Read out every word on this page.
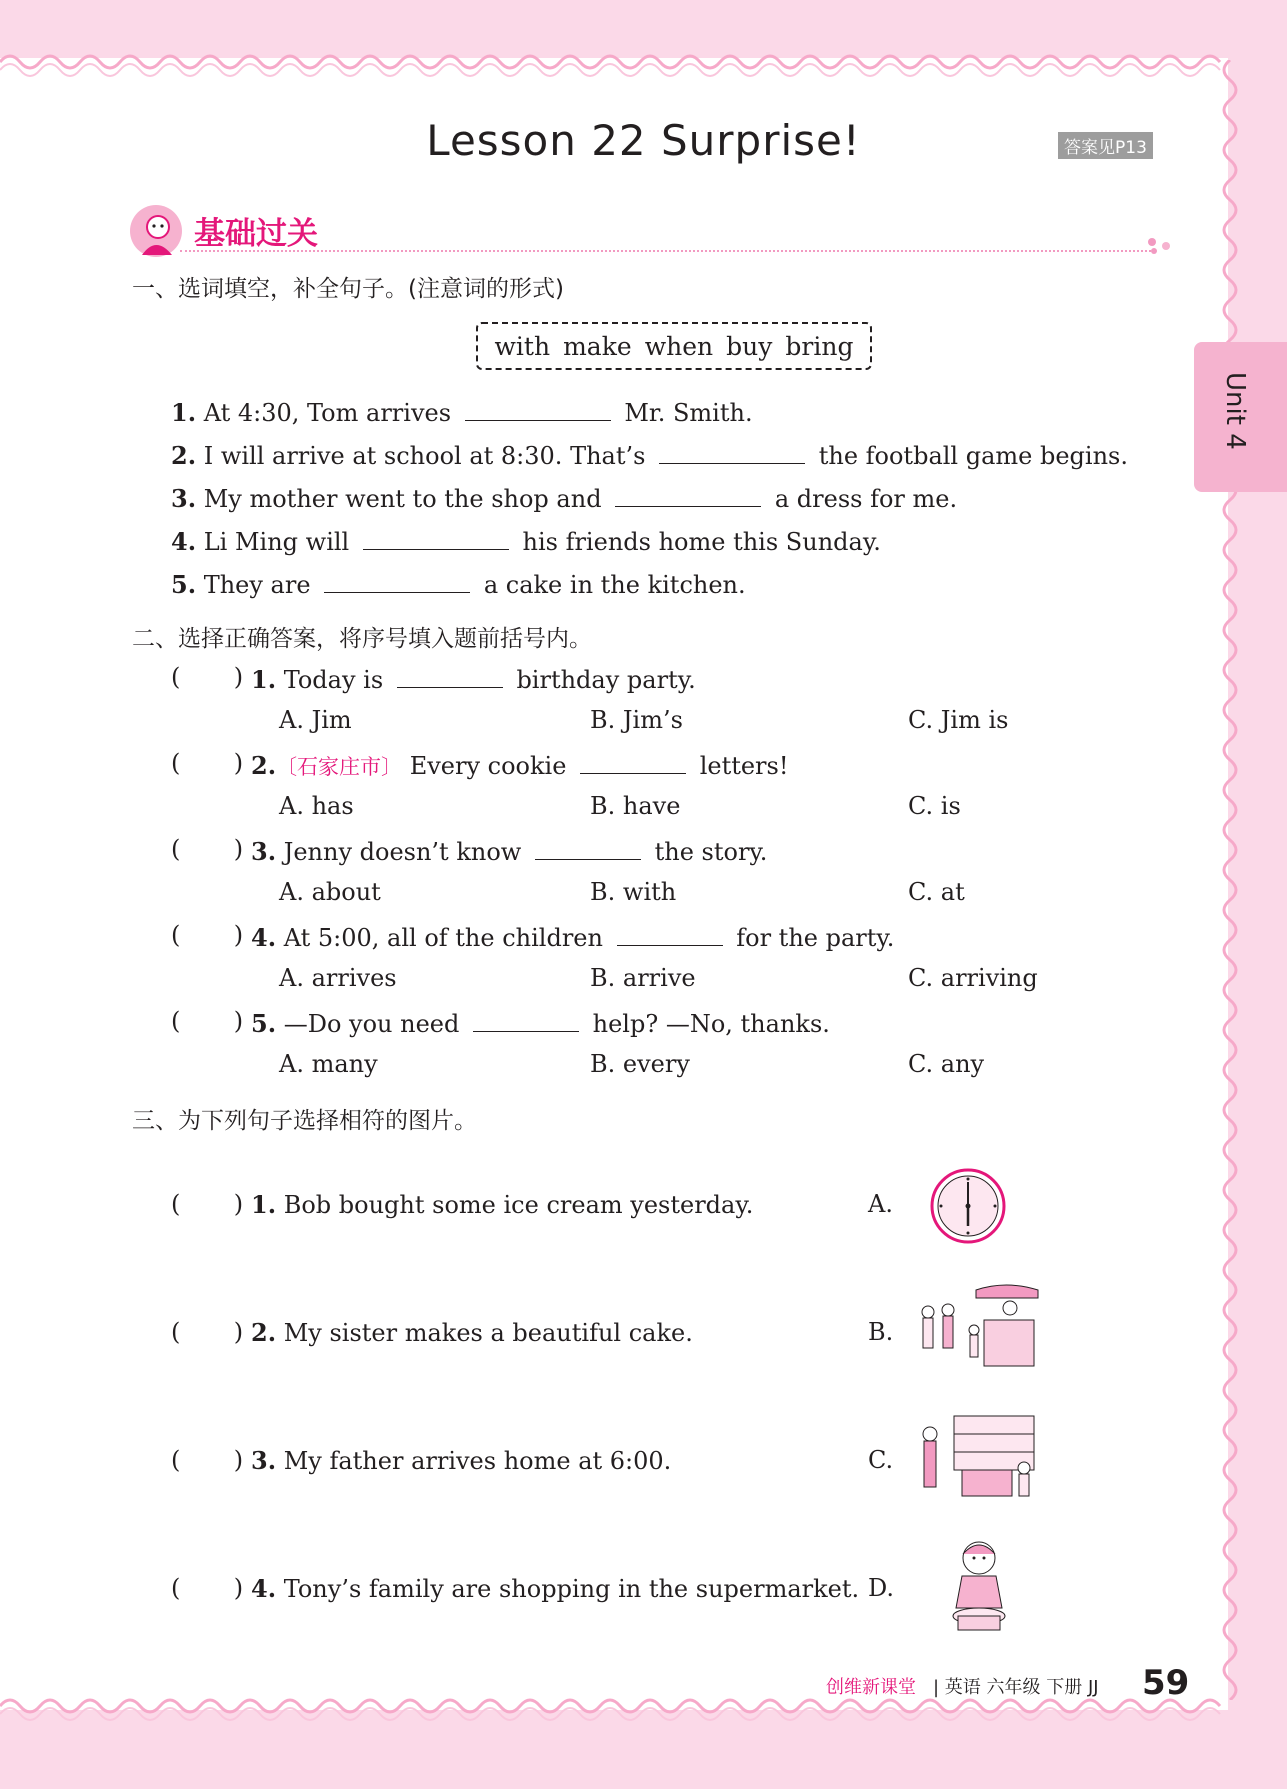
Lesson 22 Surprise!	答案见P13
Unit 4
基础过关
一、选词填空，补全句子。(注意词的形式)
with make when buy bring
1. At 4:30, Tom arrives	Mr. Smith.
2. I will arrive at school at 8:30. That’s	the football game begins.
3. My mother went to the shop and	a dress for me.
4. Li Ming will	his friends home this Sunday.
5. They are	a cake in the kitchen.
二、选择正确答案，将序号填入题前括号内。
(       ) 1. Today is	birthday party.
A. Jim	B. Jim’s	C. Jim is
(       ) 2.〔石家庄市〕 Every cookie	letters!
A. has	B. have	C. is
(       ) 3. Jenny doesn’t know	the story.
A. about	B. with	C. at
(       ) 4. At 5:00, all of the children	for the party.
A. arrives	B. arrive	C. arriving
(       ) 5. —Do you need	help? —No, thanks.
A. many	B. every	C. any
三、为下列句子选择相符的图片。
(       ) 1. Bob bought some ice cream yesterday.	A.
(       ) 2. My sister makes a beautiful cake.	B.
(       ) 3. My father arrives home at 6:00.	C.
(       ) 4. Tony’s family are shopping in the supermarket. D.
创维新课堂 | 英语 六年级 下册 JJ 59
